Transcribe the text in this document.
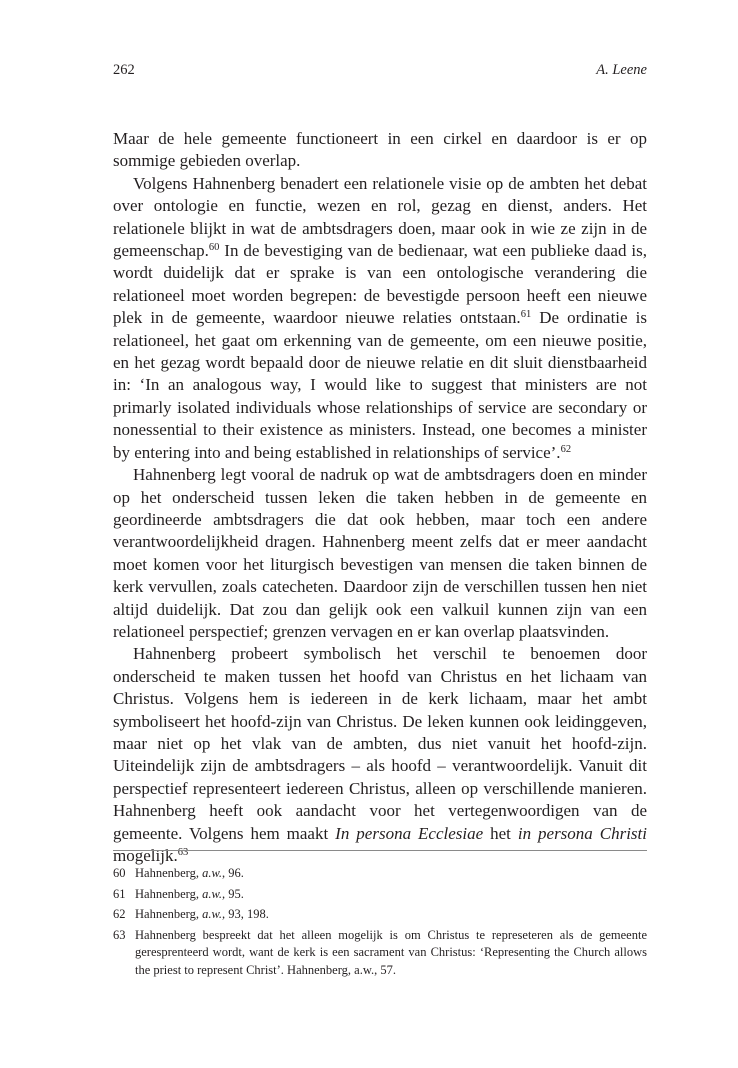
262	A. Leene

Maar de hele gemeente functioneert in een cirkel en daardoor is er op sommige gebieden overlap.

Volgens Hahnenberg benadert een relationele visie op de ambten het debat over ontologie en functie, wezen en rol, gezag en dienst, anders. Het relationele blijkt in wat de ambtsdragers doen, maar ook in wie ze zijn in de gemeenschap.$^{60}$ In de bevestiging van de bedienaar, wat een publieke daad is, wordt duidelijk dat er sprake is van een ontologische verandering die relationeel moet worden begrepen: de bevestigde persoon heeft een nieuwe plek in de gemeente, waardoor nieuwe relaties ontstaan.$^{61}$ De ordinatie is relationeel, het gaat om erkenning van de gemeente, om een nieuwe positie, en het gezag wordt bepaald door de nieuwe relatie en dit sluit dienstbaarheid in: ‘In an analogous way, I would like to suggest that ministers are not primarly isolated individuals whose relationships of service are secondary or nonessential to their existence as ministers. Instead, one becomes a minister by entering into and being established in relationships of service’.$^{62}$

Hahnenberg legt vooral de nadruk op wat de ambtsdragers doen en minder op het onderscheid tussen leken die taken hebben in de gemeente en geordineerde ambtsdragers die dat ook hebben, maar toch een andere verantwoordelijkheid dragen. Hahnenberg meent zelfs dat er meer aandacht moet komen voor het liturgisch bevestigen van mensen die taken binnen de kerk vervullen, zoals catecheten. Daardoor zijn de verschillen tussen hen niet altijd duidelijk. Dat zou dan gelijk ook een valkuil kunnen zijn van een relationeel perspectief; grenzen vervagen en er kan overlap plaatsvinden.

Hahnenberg probeert symbolisch het verschil te benoemen door onderscheid te maken tussen het hoofd van Christus en het lichaam van Christus. Volgens hem is iedereen in de kerk lichaam, maar het ambt symboliseert het hoofd-zijn van Christus. De leken kunnen ook leidinggeven, maar niet op het vlak van de ambten, dus niet vanuit het hoofd-zijn. Uiteindelijk zijn de ambtsdragers – als hoofd – verantwoordelijk. Vanuit dit perspectief representeert iedereen Christus, alleen op verschillende manieren. Hahnenberg heeft ook aandacht voor het vertegenwoordigen van de gemeente. Volgens hem maakt In persona Ecclesiae het in persona Christi mogelijk.$^{63}$

60 Hahnenberg, a.w., 96.
61 Hahnenberg, a.w., 95.
62 Hahnenberg, a.w., 93, 198.
63 Hahnenberg bespreekt dat het alleen mogelijk is om Christus te represeteren als de gemeente geresprenteerd wordt, want de kerk is een sacrament van Christus: ‘Representing the Church allows the priest to represent Christ’. Hahnenberg, a.w., 57.
